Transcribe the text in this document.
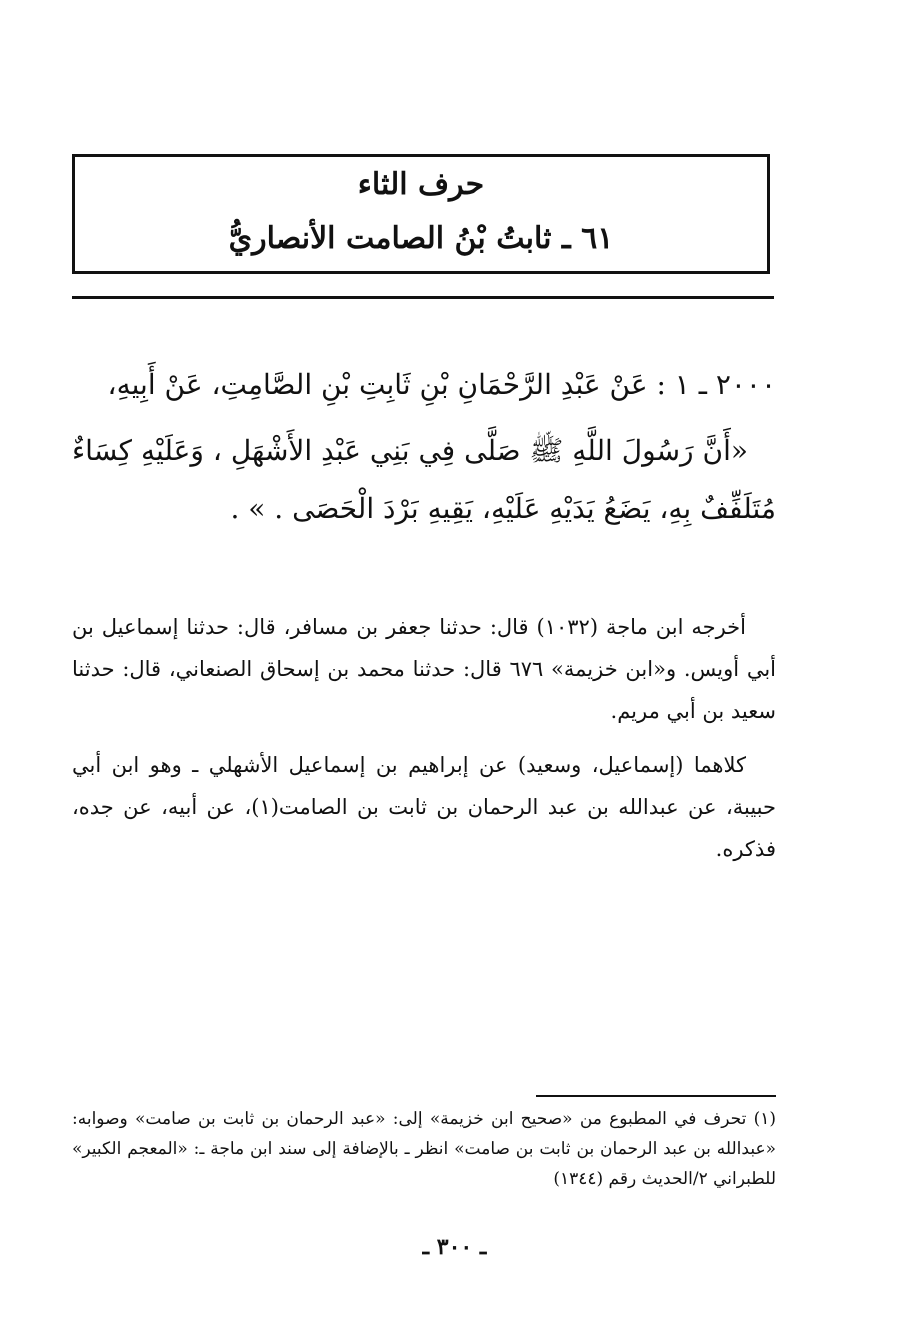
حرف الثاء
٦١ ـ ثابتُ بْنُ الصامت الأنصاريُّ

٢٠٠٠ ـ ١ : عَنْ عَبْدِ الرَّحْمَانِ بْنِ ثَابِتِ بْنِ الصَّامِتِ، عَنْ أَبِيهِ،

«أَنَّ رَسُولَ اللَّهِ ﷺ صَلَّى فِي بَنِي عَبْدِ الأَشْهَلِ ، وَعَلَيْهِ كِسَاءٌ مُتَلَفِّفٌ بِهِ، يَضَعُ يَدَيْهِ عَلَيْهِ، يَقِيهِ بَرْدَ الْحَصَى . » .

أخرجه ابن ماجة (١٠٣٢) قال: حدثنا جعفر بن مسافر، قال: حدثنا إسماعيل بن أبي أويس. و«ابن خزيمة» ٦٧٦ قال: حدثنا محمد بن إسحاق الصنعاني، قال: حدثنا سعيد بن أبي مريم.

كلاهما (إسماعيل، وسعيد) عن إبراهيم بن إسماعيل الأشهلي ـ وهو ابن أبي حبيبة، عن عبدالله بن عبد الرحمان بن ثابت بن الصامت(١)، عن أبيه، عن جده، فذكره.

(١) تحرف في المطبوع من «صحيح ابن خزيمة» إلى: «عبد الرحمان بن ثابت بن صامت» وصوابه: «عبدالله بن عبد الرحمان بن ثابت بن صامت» انظر ـ بالإضافة إلى سند ابن ماجة ـ: «المعجم الكبير» للطبراني ٢/الحديث رقم (١٣٤٤)

ـ ٣٠٠ ـ
